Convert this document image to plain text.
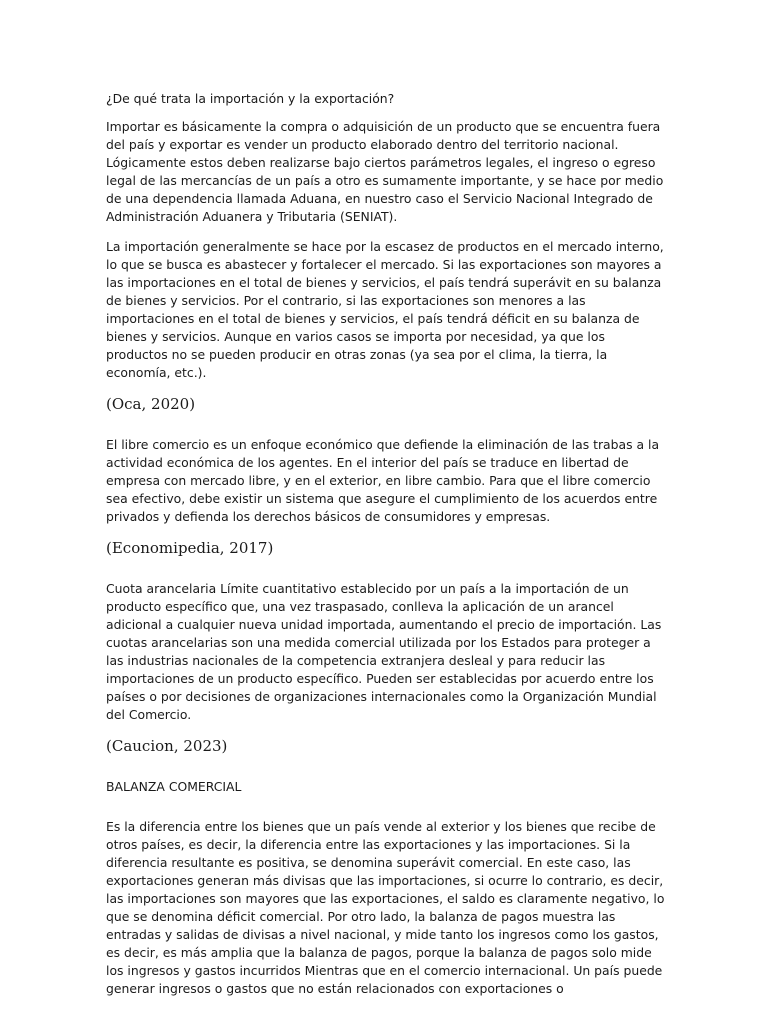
¿De qué trata la importación y la exportación?

Importar es básicamente la compra o adquisición de un producto que se encuentra fuera del país y exportar es vender un producto elaborado dentro del territorio nacional. Lógicamente estos deben realizarse bajo ciertos parámetros legales, el ingreso o egreso legal de las mercancías de un país a otro es sumamente importante, y se hace por medio de una dependencia llamada Aduana, en nuestro caso el Servicio Nacional Integrado de Administración Aduanera y Tributaria (SENIAT).

La importación generalmente se hace por la escasez de productos en el mercado interno, lo que se busca es abastecer y fortalecer el mercado. Si las exportaciones son mayores a las importaciones en el total de bienes y servicios, el país tendrá superávit en su balanza de bienes y servicios. Por el contrario, si las exportaciones son menores a las importaciones en el total de bienes y servicios, el país tendrá déficit en su balanza de bienes y servicios. Aunque en varios casos se importa por necesidad, ya que los productos no se pueden producir en otras zonas (ya sea por el clima, la tierra, la economía, etc.).

(Oca, 2020)

El libre comercio es un enfoque económico que defiende la eliminación de las trabas a la actividad económica de los agentes. En el interior del país se traduce en libertad de empresa con mercado libre, y en el exterior, en libre cambio. Para que el libre comercio sea efectivo, debe existir un sistema que asegure el cumplimiento de los acuerdos entre privados y defienda los derechos básicos de consumidores y empresas.

(Economipedia, 2017)

Cuota arancelaria Límite cuantitativo establecido por un país a la importación de un producto específico que, una vez traspasado, conlleva la aplicación de un arancel adicional a cualquier nueva unidad importada, aumentando el precio de importación. Las cuotas arancelarias son una medida comercial utilizada por los Estados para proteger a las industrias nacionales de la competencia extranjera desleal y para reducir las importaciones de un producto específico. Pueden ser establecidas por acuerdo entre los países o por decisiones de organizaciones internacionales como la Organización Mundial del Comercio.

(Caucion, 2023)

BALANZA COMERCIAL

Es la diferencia entre los bienes que un país vende al exterior y los bienes que recibe de otros países, es decir, la diferencia entre las exportaciones y las importaciones. Si la diferencia resultante es positiva, se denomina superávit comercial. En este caso, las exportaciones generan más divisas que las importaciones, si ocurre lo contrario, es decir, las importaciones son mayores que las exportaciones, el saldo es claramente negativo, lo que se denomina déficit comercial. Por otro lado, la balanza de pagos muestra las entradas y salidas de divisas a nivel nacional, y mide tanto los ingresos como los gastos, es decir, es más amplia que la balanza de pagos, porque la balanza de pagos solo mide los ingresos y gastos incurridos Mientras que en el comercio internacional. Un país puede generar ingresos o gastos que no están relacionados con exportaciones o
